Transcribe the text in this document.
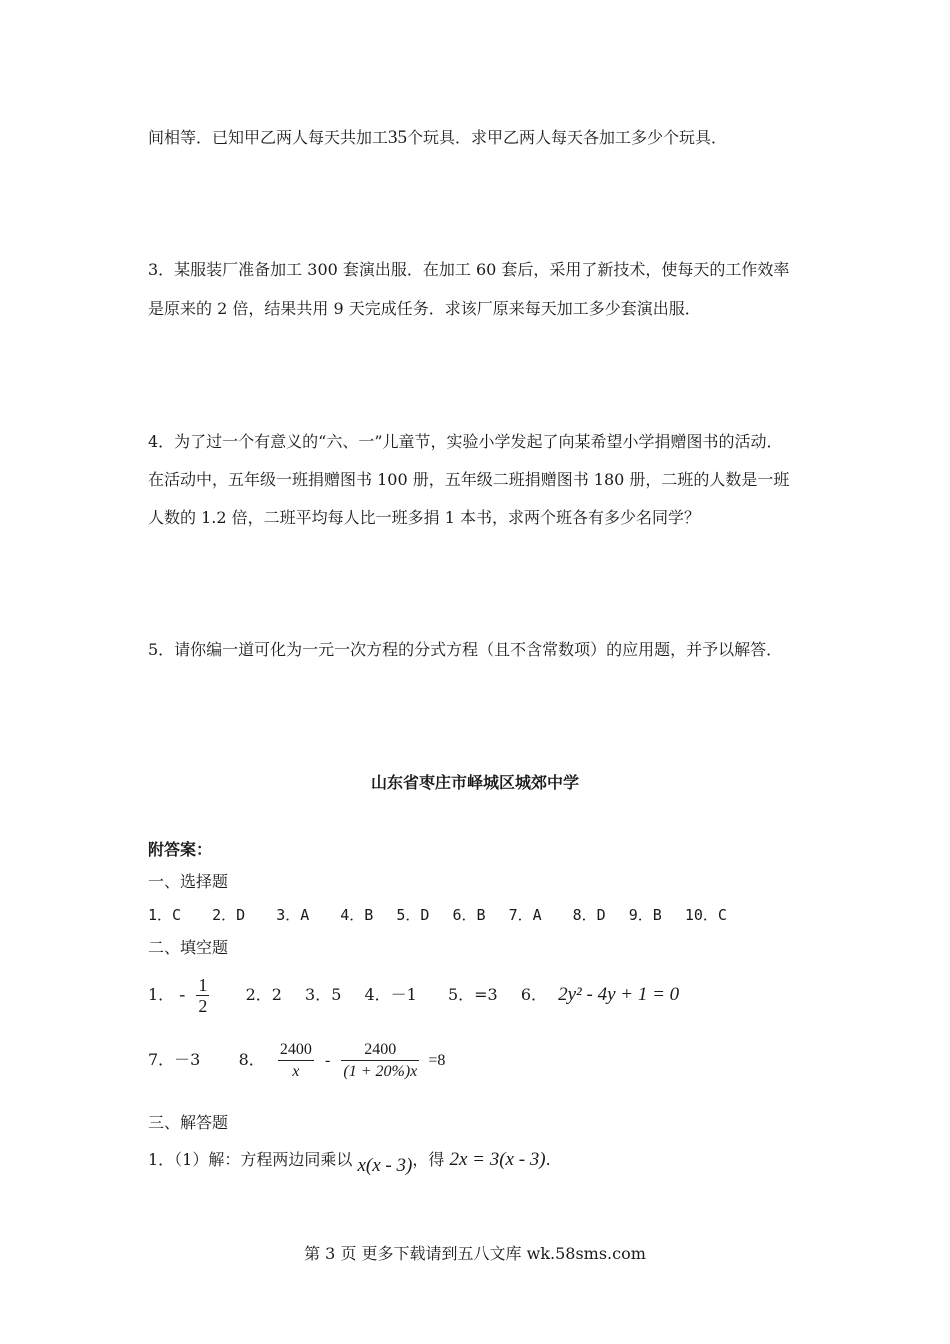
间相等．已知甲乙两人每天共加工35个玩具．求甲乙两人每天各加工多少个玩具．
3．某服装厂准备加工 300 套演出服．在加工 60 套后，采用了新技术，使每天的工作效率
是原来的 2 倍，结果共用 9 天完成任务．求该厂原来每天加工多少套演出服．
4．为了过一个有意义的“六、一”儿童节，实验小学发起了向某希望小学捐赠图书的活动．
在活动中，五年级一班捐赠图书 100 册，五年级二班捐赠图书 180 册，二班的人数是一班
人数的 1.2 倍，二班平均每人比一班多捐 1 本书，求两个班各有多少名同学？
5．请你编一道可化为一元一次方程的分式方程（且不含常数项）的应用题，并予以解答．
山东省枣庄市峄城区城郊中学
附答案：
一、选择题
1．C 2．D 3．A 4．B 5．D 6．B 7．A 8．D 9．B 10．C
二、填空题
1． - $\frac{1}{2} 2$．2 3．5 4．－1 5．=3 6． 2y² - 4y + 1 = 0
7．－3 8． $\frac{2400}{x} - \frac{2400}{(1 + 20\%)x} =8$
三、解答题
1．（1）解：方程两边同乘以 x(x - 3)，得 2x = 3(x - 3).
第 3 页 更多下载请到五八文库 wk.58sms.com
